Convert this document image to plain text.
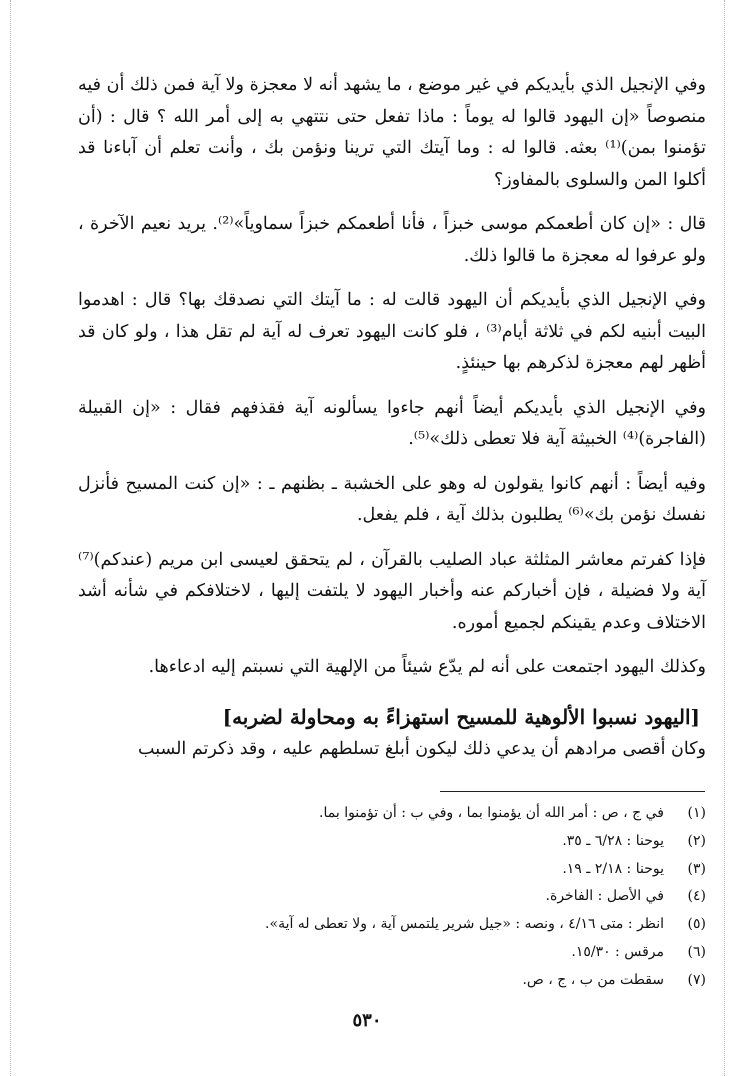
وفي الإنجيل الذي بأيديكم في غير موضع ، ما يشهد أنه لا معجزة ولا آية فمن ذلك أن فيه منصوصاً «إن اليهود قالوا له يوماً : ماذا تفعل حتى نتتهي به إلى أمر الله ؟ قال : (أن تؤمنوا بمن)⁽¹⁾ بعثه. قالوا له : وما آيتك التي ترينا ونؤمن بك ، وأنت تعلم أن آباءنا قد أكلوا المن والسلوى بالمفاوز؟

قال : «إن كان أطعمكم موسى خبزاً ، فأنا أطعمكم خبزاً سماوياً»⁽²⁾. يريد نعيم الآخرة ، ولو عرفوا له معجزة ما قالوا ذلك.

وفي الإنجيل الذي بأيديكم أن اليهود قالت له : ما آيتك التي نصدقك بها؟ قال : اهدموا البيت أبنيه لكم في ثلاثة أيام⁽³⁾ ، فلو كانت اليهود تعرف له آية لم تقل هذا ، ولو كان قد أظهر لهم معجزة لذكرهم بها حينئذٍ.

وفي الإنجيل الذي بأيديكم أيضاً أنهم جاءوا يسألونه آية فقذفهم فقال : «إن القبيلة (الفاجرة)⁽⁴⁾ الخبيثة آية فلا تعطى ذلك»⁽⁵⁾.

وفيه أيضاً : أنهم كانوا يقولون له وهو على الخشبة ـ بظنهم ـ : «إن كنت المسيح فأنزل نفسك نؤمن بك»⁽⁶⁾ يطلبون بذلك آية ، فلم يفعل.

فإذا كفرتم معاشر المثلثة عباد الصليب بالقرآن ، لم يتحقق لعيسى ابن مريم (عندكم)⁽⁷⁾ آية ولا فضيلة ، فإن أخباركم عنه وأخبار اليهود لا يلتفت إليها ، لاختلافكم في شأنه أشد الاختلاف وعدم يقينكم لجميع أموره.

وكذلك اليهود اجتمعت على أنه لم يدّع شيئاً من الإلهية التي نسبتم إليه ادعاءها.

[اليهود نسبوا الألوهية للمسيح استهزاءً به ومحاولة لضربه]

وكان أقصى مرادهم أن يدعي ذلك ليكون أبلغ تسلطهم عليه ، وقد ذكرتم السبب

(١)
في ج ، ص : أمر الله أن يؤمنوا بما ، وفي ب : أن تؤمنوا بما.
(٢)
يوحنا : ٦/٢٨ ـ ٣٥.
(٣)
يوحنا : ٢/١٨ ـ ١٩.
(٤)
في الأصل : الفاخرة.
(٥)
انظر : متى ٤/١٦ ، ونصه : «جيل شرير يلتمس آية ، ولا تعطى له آية».
(٦)
مرقس : ١٥/٣٠.
(٧)
سقطت من ب ، ج ، ص.
٥٣٠
